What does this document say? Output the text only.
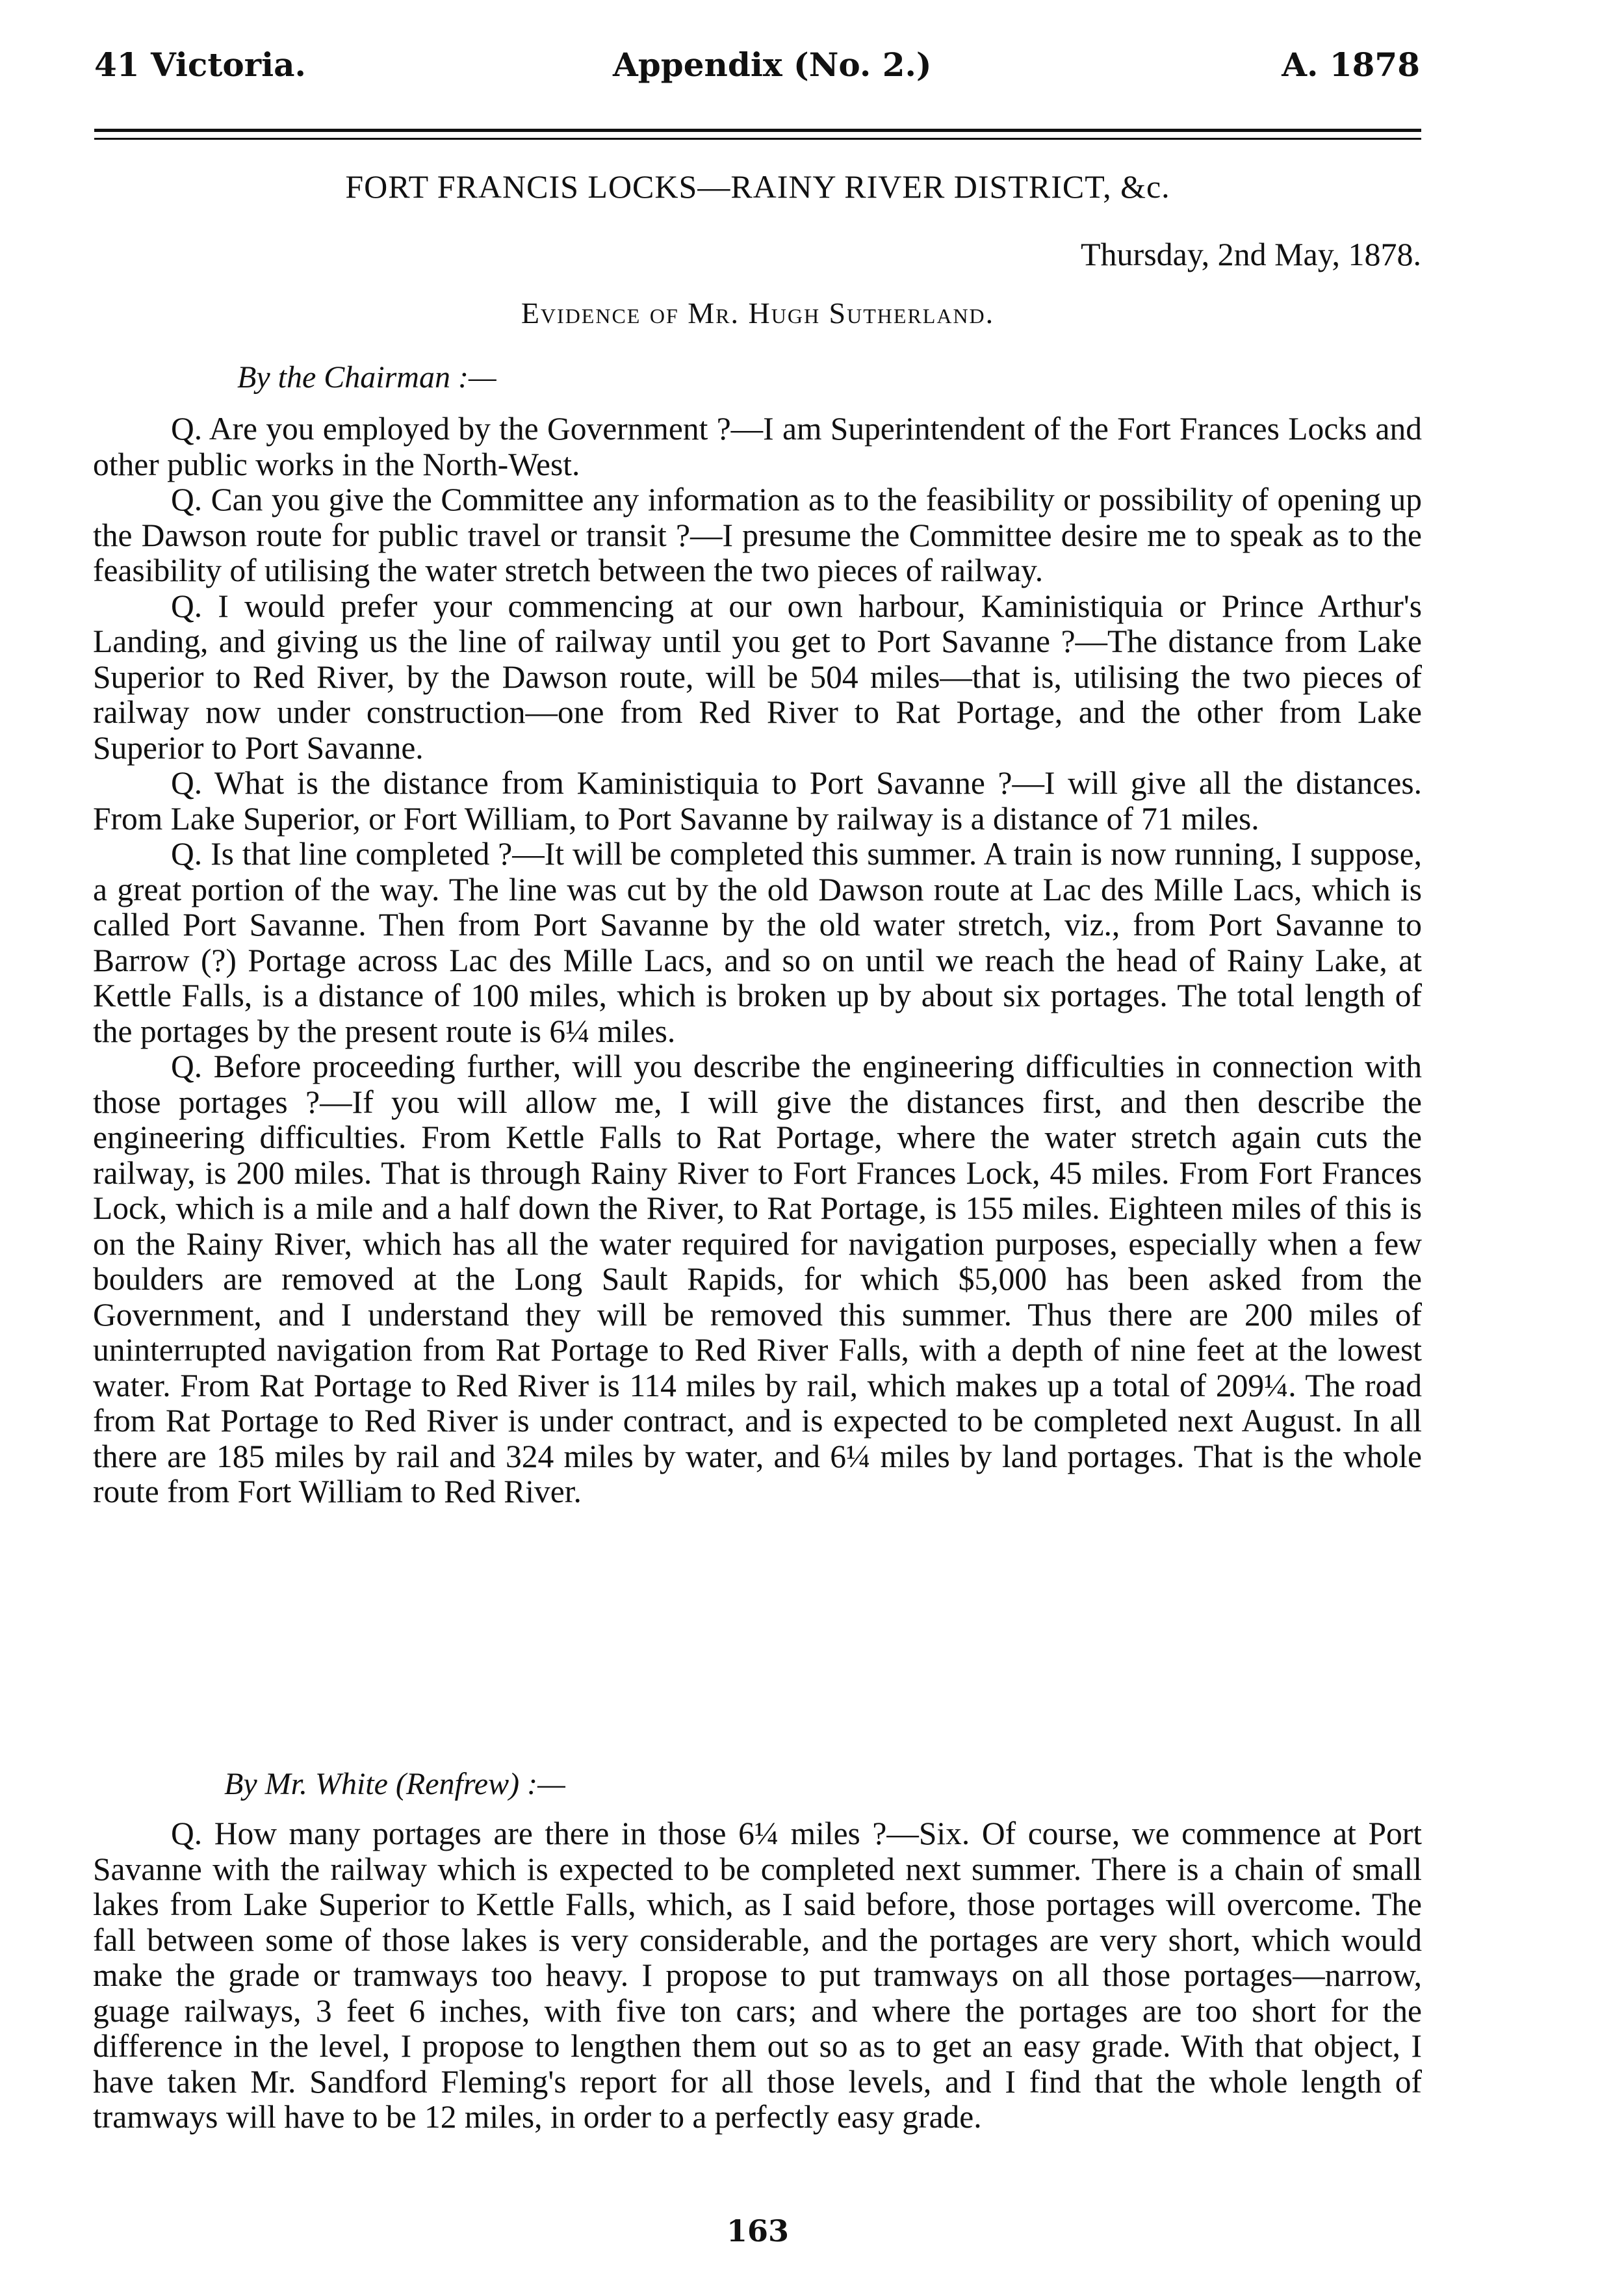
41 Victoria.	Appendix (No. 2.)	A. 1878
FORT FRANCIS LOCKS—RAINY RIVER DISTRICT, &c.
Thursday, 2nd May, 1878.
Evidence of Mr. Hugh Sutherland.
By the Chairman :—

Q. Are you employed by the Government ?—I am Superintendent of the Fort Frances Locks and other public works in the North-West.

Q. Can you give the Committee any information as to the feasibility or possibility of opening up the Dawson route for public travel or transit ?—I presume the Committee desire me to speak as to the feasibility of utilising the water stretch between the two pieces of railway.

Q. I would prefer your commencing at our own harbour, Kaministiquia or Prince Arthur's Landing, and giving us the line of railway until you get to Port Savanne ?—The distance from Lake Superior to Red River, by the Dawson route, will be 504 miles—that is, utilising the two pieces of railway now under construction—one from Red River to Rat Portage, and the other from Lake Superior to Port Savanne.

Q. What is the distance from Kaministiquia to Port Savanne ?—I will give all the distances. From Lake Superior, or Fort William, to Port Savanne by railway is a distance of 71 miles.

Q. Is that line completed ?—It will be completed this summer. A train is now running, I suppose, a great portion of the way. The line was cut by the old Dawson route at Lac des Mille Lacs, which is called Port Savanne. Then from Port Savanne by the old water stretch, viz., from Port Savanne to Barrow (?) Portage across Lac des Mille Lacs, and so on until we reach the head of Rainy Lake, at Kettle Falls, is a distance of 100 miles, which is broken up by about six portages. The total length of the portages by the present route is 6¼ miles.

Q. Before proceeding further, will you describe the engineering difficulties in connection with those portages ?—If you will allow me, I will give the distances first, and then describe the engineering difficulties. From Kettle Falls to Rat Portage, where the water stretch again cuts the railway, is 200 miles. That is through Rainy River to Fort Frances Lock, 45 miles. From Fort Frances Lock, which is a mile and a half down the River, to Rat Portage, is 155 miles. Eighteen miles of this is on the Rainy River, which has all the water required for navigation purposes, especially when a few boulders are removed at the Long Sault Rapids, for which $5,000 has been asked from the Government, and I understand they will be removed this summer. Thus there are 200 miles of uninterrupted navigation from Rat Portage to Red River Falls, with a depth of nine feet at the lowest water. From Rat Portage to Red River is 114 miles by rail, which makes up a total of 209¼. The road from Rat Portage to Red River is under contract, and is expected to be completed next August. In all there are 185 miles by rail and 324 miles by water, and 6¼ miles by land portages. That is the whole route from Fort William to Red River.

By Mr. White (Renfrew) :—

Q. How many portages are there in those 6¼ miles ?—Six. Of course, we commence at Port Savanne with the railway which is expected to be completed next summer. There is a chain of small lakes from Lake Superior to Kettle Falls, which, as I said before, those portages will overcome. The fall between some of those lakes is very considerable, and the portages are very short, which would make the grade or tramways too heavy. I propose to put tramways on all those portages—narrow, guage railways, 3 feet 6 inches, with five ton cars; and where the portages are too short for the difference in the level, I propose to lengthen them out so as to get an easy grade. With that object, I have taken Mr. Sandford Fleming's report for all those levels, and I find that the whole length of tramways will have to be 12 miles, in order to a perfectly easy grade.

163
